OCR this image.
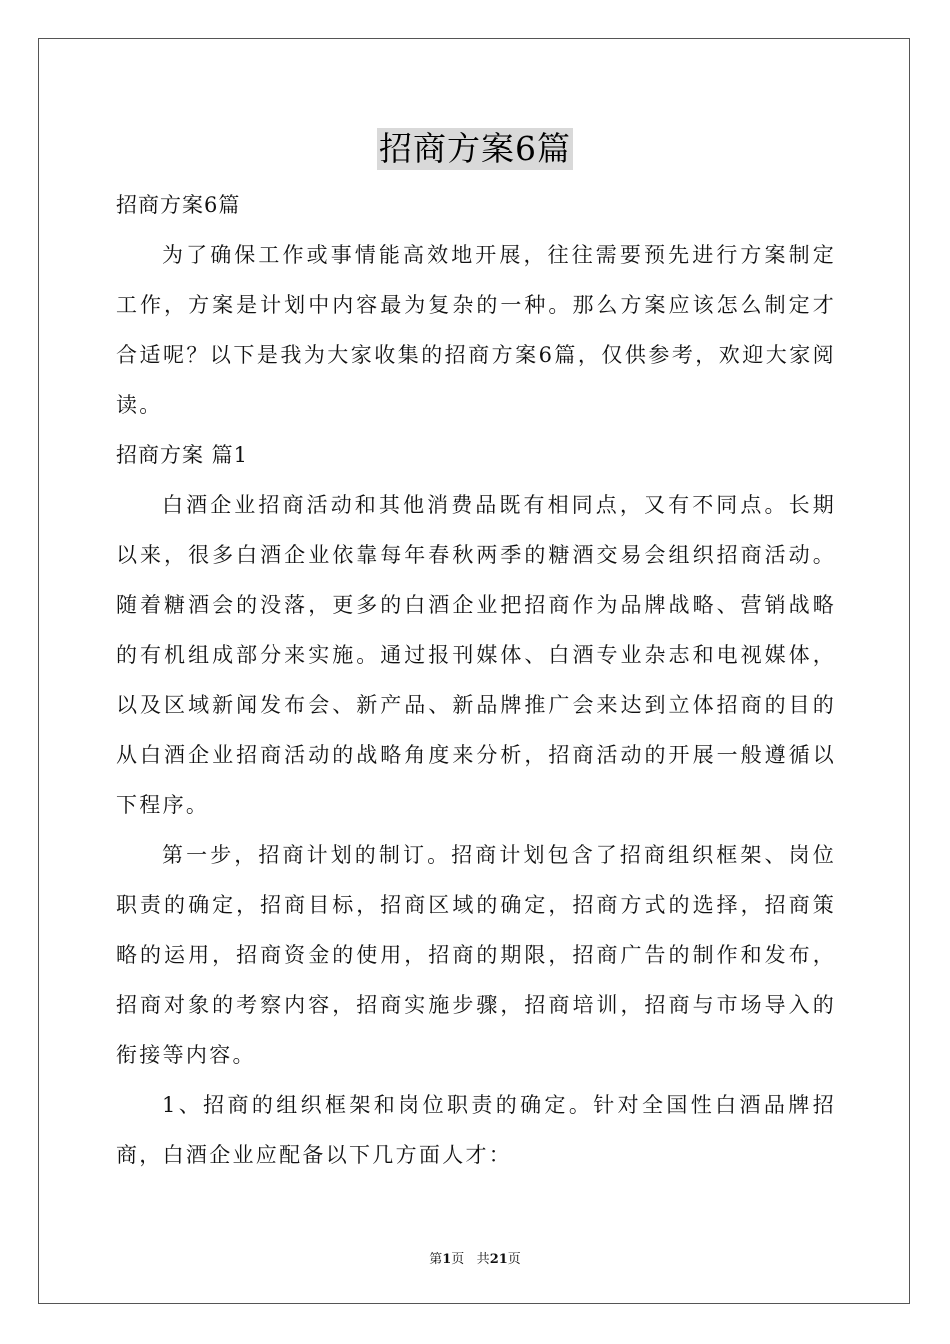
招商方案6篇

招商方案6篇

为了确保工作或事情能高效地开展，往往需要预先进行方案制定工作，方案是计划中内容最为复杂的一种。那么方案应该怎么制定才合适呢？以下是我为大家收集的招商方案6篇，仅供参考，欢迎大家阅读。

招商方案 篇1

白酒企业招商活动和其他消费品既有相同点，又有不同点。长期以来，很多白酒企业依靠每年春秋两季的糖酒交易会组织招商活动。随着糖酒会的没落，更多的白酒企业把招商作为品牌战略、营销战略的有机组成部分来实施。通过报刊媒体、白酒专业杂志和电视媒体，以及区域新闻发布会、新产品、新品牌推广会来达到立体招商的目的从白酒企业招商活动的战略角度来分析，招商活动的开展一般遵循以下程序。

第一步，招商计划的制订。招商计划包含了招商组织框架、岗位职责的确定，招商目标，招商区域的确定，招商方式的选择，招商策略的运用，招商资金的使用，招商的期限，招商广告的制作和发布，招商对象的考察内容，招商实施步骤，招商培训，招商与市场导入的衔接等内容。

1、招商的组织框架和岗位职责的确定。针对全国性白酒品牌招商，白酒企业应配备以下几方面人才：

第1页 共21页
